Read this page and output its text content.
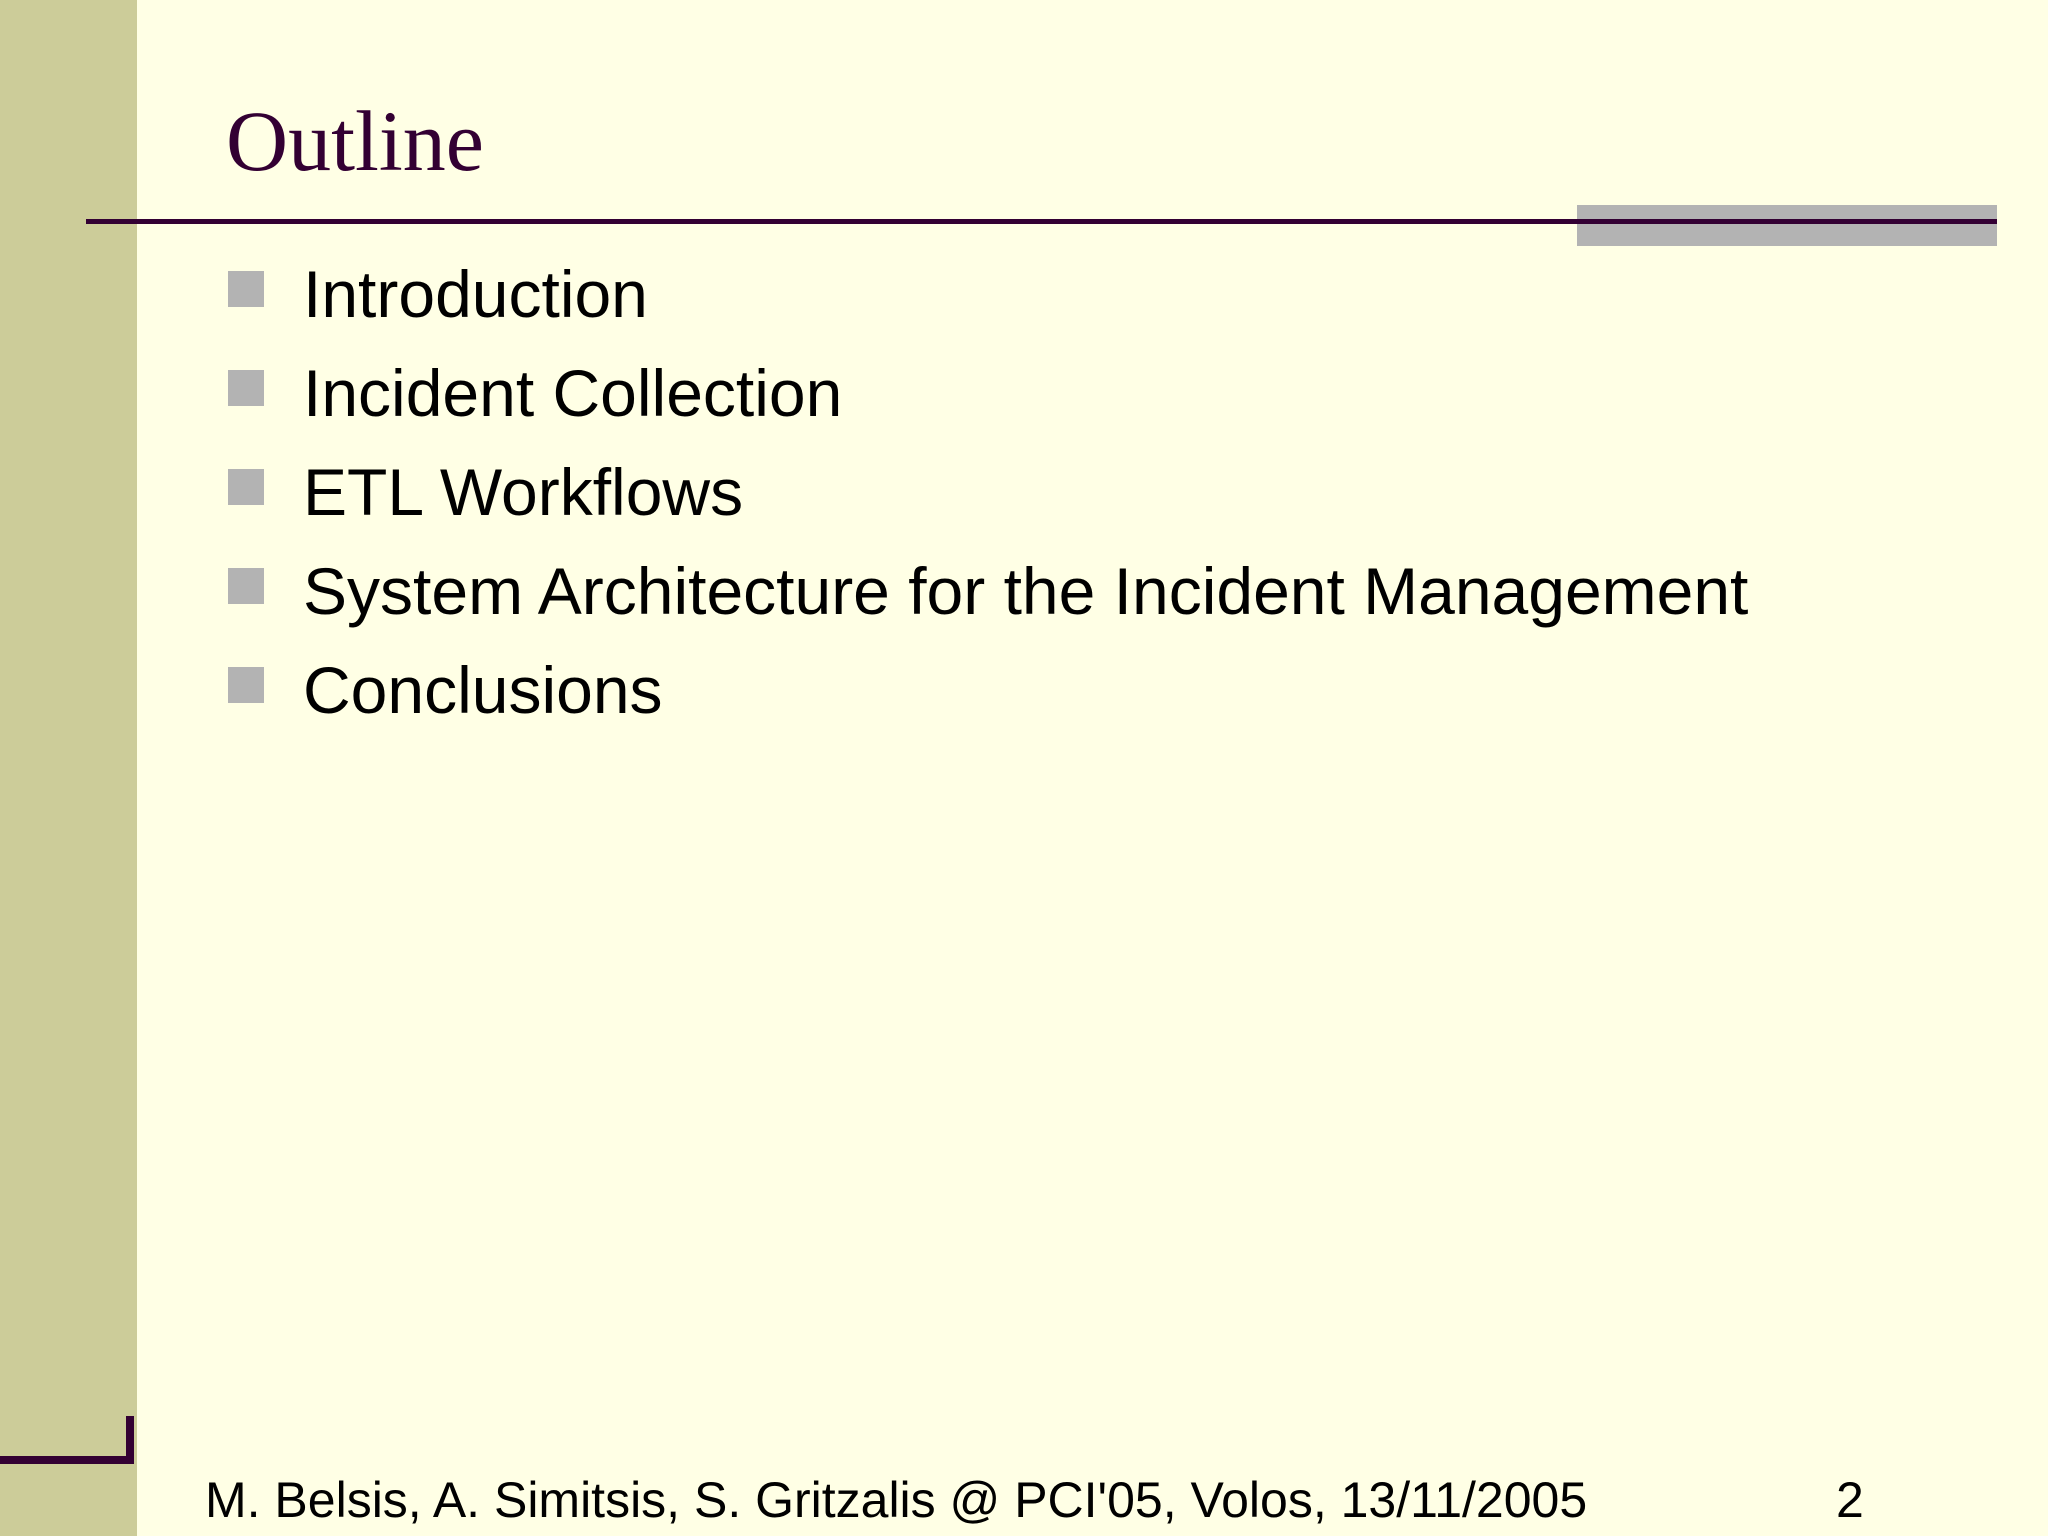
Outline
Introduction
Incident Collection
ETL Workflows
System Architecture for the Incident Management
Conclusions
M. Belsis, A. Simitsis, S. Gritzalis @ PCI'05, Volos, 13/11/2005	2
